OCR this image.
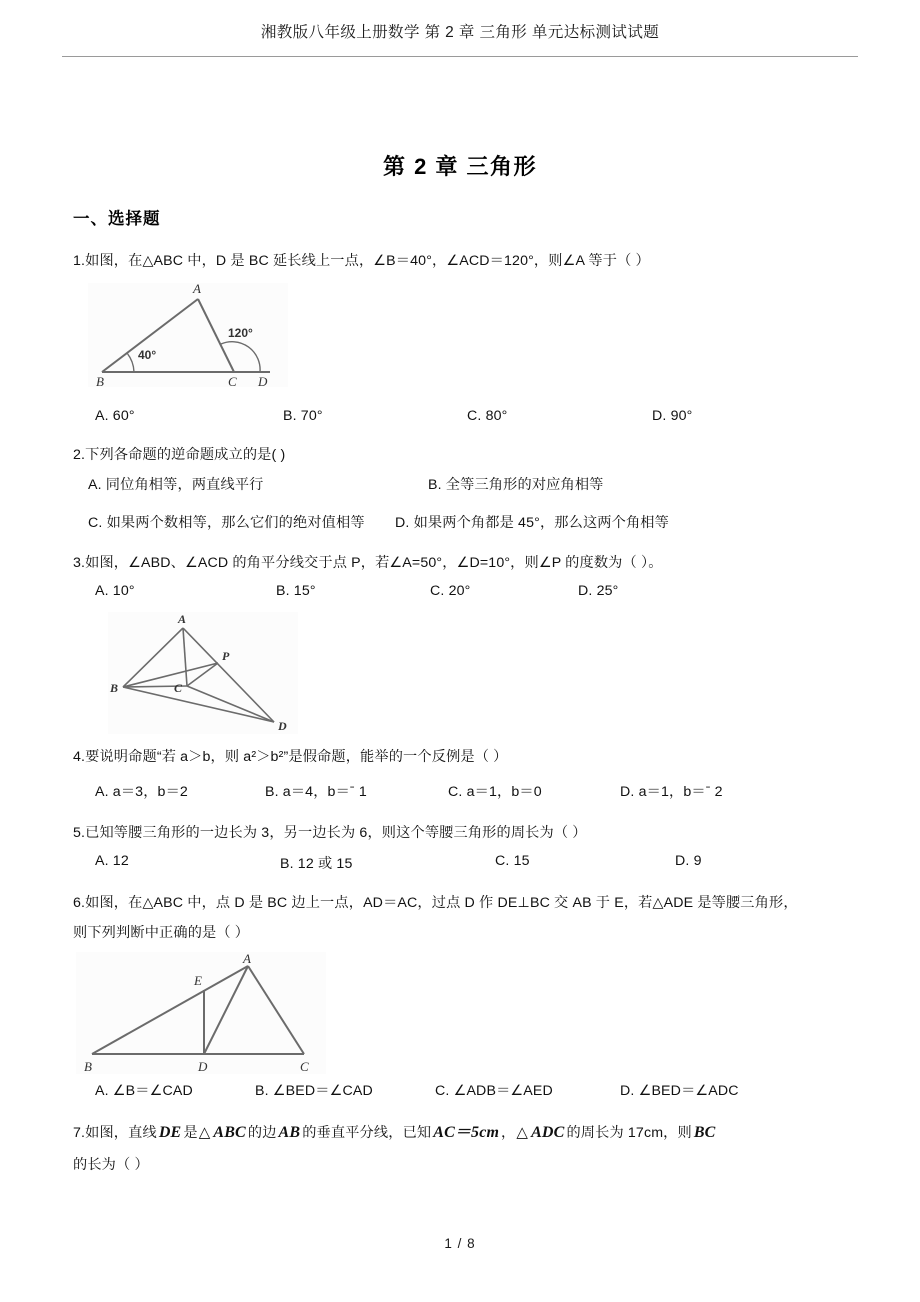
湘教版八年级上册数学 第 2 章 三角形 单元达标测试试题
第 2 章 三角形
一、选择题
1.如图，在△ABC 中，D 是 BC 延长线上一点，∠B＝40°，∠ACD＝120°，则∠A 等于（ ）
A
B	C D
40°
120°
A. 60°	B. 70°	C. 80°	D. 90°
2.下列各命题的逆命题成立的是( )
A. 同位角相等，两直线平行	B. 全等三角形的对应角相等
C. 如果两个数相等，那么它们的绝对值相等 D. 如果两个角都是 45°，那么这两个角相等
3.如图，∠ABD、∠ACD 的角平分线交于点 P，若∠A=50°，∠D=10°，则∠P 的度数为（ ）。
A. 10°	B. 15°	C. 20°	D. 25°
A
B	C
P
D
4.要说明命题“若 a＞b，则 a²＞b²”是假命题，能举的一个反例是（ ）
A. a＝3，b＝2	B. a＝4，b＝ˉ 1	C. a＝1，b＝0	D. a＝1，b＝ˉ 2
5.已知等腰三角形的一边长为 3，另一边长为 6，则这个等腰三角形的周长为（ ）
A. 12	B. 12 或 15	C. 15	D. 9
6.如图，在△ABC 中，点 D 是 BC 边上一点，AD＝AC，过点 D 作 DE⊥BC 交 AB 于 E，若△ADE 是等腰三角形，
则下列判断中正确的是（ ）
A
E
B	D	C
A. ∠B＝∠CAD	B. ∠BED＝∠CAD	C. ∠ADB＝∠AED	D. ∠BED＝∠ADC
7.如图，直线 DE 是△ ABC 的边 AB 的垂直平分线，已知 AC＝5cm ，△ ADC 的周长为 17cm，则 BC
的长为（ ）
1 / 8
